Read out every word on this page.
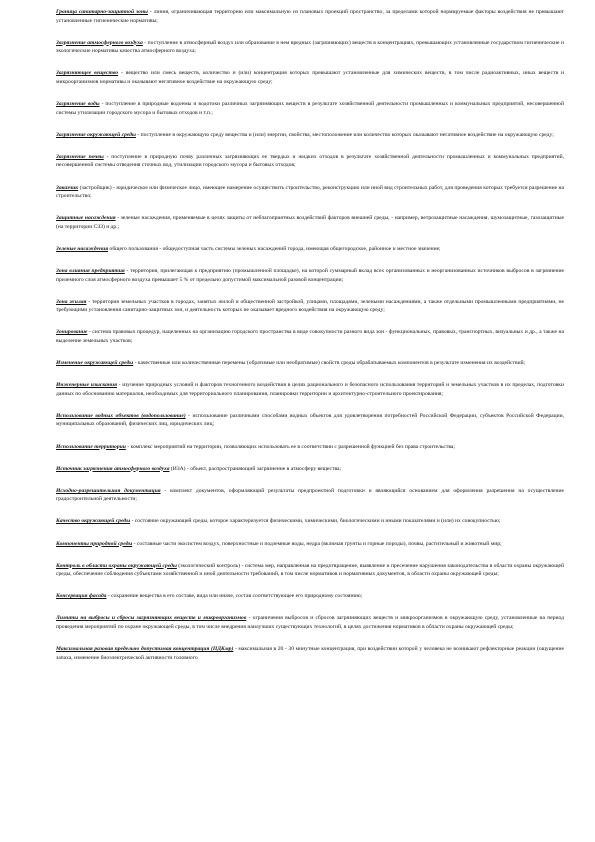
Граница санитарно-защитной зоны - линия, ограничивающая территорию или максимальную из плановых проекций пространство, за пределами которой нормируемые факторы воздействия не превышают установленные гигиенические нормативы;

Загрязнение атмосферного воздуха - поступление в атмосферный воздух или образование в нем вредных (загрязняющих) веществ в концентрациях, превышающих установленные государством гигиенические и экологические нормативы качества атмосферного воздуха;

Загрязняющее вещество - вещество или смесь веществ, количество и (или) концентрация которых превышают установленные для химических веществ, в том числе радиоактивных, иных веществ и микроорганизмов нормативы и оказывают негативное воздействие на окружающую среду;

Загрязнение воды - поступление в природные водоемы и водотоки различных загрязняющих веществ в результате хозяйственной деятельности промышленных и коммунальных предприятий, несовершенной системы утилизации городского мусора и бытовых отходов и т.п.;

Загрязнение окружающей среды - поступление в окружающую среду вещества и (или) энергии, свойства, местоположение или количество которых оказывают негативное воздействие на окружающую среду;

Загрязнение почвы - поступление в природную почву различных загрязняющих ее твердых и жидких отходов в результате хозяйственной деятельности промышленных и коммунальных предприятий, несовершенной системы отведения сточных вод, утилизации городского мусора и бытовых отходов;

Заказчик (застройщик) - юридическое или физическое лицо, имеющее намерение осуществить строительство, реконструкцию или иной вид строительных работ, для проведения которых требуется разрешение на строительство;

Защитные насаждения - зеленые насаждения, применяемые в целях защиты от неблагоприятных воздействий факторов внешней среды, - например, ветрозащитные насаждения, шумозащитные, газозащитные (на территории СЗЗ) и др.;

Зеленые насаждения общего пользования - общедоступная часть системы зеленых насаждений города, имеющая общегородское, районное и местное значение;

Зона влияния предприятия - территория, прилегающая к предприятию (промышленной площадке), на которой суммарный вклад всех организованных и неорганизованных источников выбросов в загрязнение приземного слоя атмосферного воздуха превышает 5 % от предельно допустимой максимальной разовой концентрации;

Зона жилая - территория земельных участков в городах, занятых жилой и общественной застройкой, улицами, площадями, зелеными насаждениями, а также отдельными промышленными предприятиями, не требующими установления санитарно-защитных зон, и деятельность которых не оказывает вредного воздействия на окружающую среду;

Зонирование - система правовых процедур, нацеленных на организацию городского пространства в виде совокупности разного вида зон - функциональных, правовых, транспортных, визуальных и др., а также на выделение земельных участков;

Изменение окружающей среды - качественные или количественные перемены (обратимые или необратимые) свойств среды обрабатываемых компонентов в результате изменения их воздействий;

Инженерные изыскания - изучение природных условий и факторов техногенного воздействия в целях рационального и безопасного использования территорий и земельных участков в их пределах, подготовки данных по обоснованию материалов, необходимых для территориального планирования, планировки территории и архитектурно-строительного проектирования;

Использование водных объектов (водопользование) - использование различными способами водных объектов для удовлетворения потребностей Российской Федерации, субъектов Российской Федерации, муниципальных образований, физических лиц, юридических лиц;

Использование территории - комплекс мероприятий на территории, позволяющих использовать ее в соответствии с разрешенной функцией без права строительства;

Источник загрязнения атмосферного воздуха (ИЗА) - объект, распространяющий загрязнение в атмосферу вещества;

Исходно-разрешительная документация - комплект документов, оформляющий результаты предпроектной подготовки и являющийся основанием для оформления разрешения на осуществление градостроительной деятельности;

Качество окружающей среды - состояние окружающей среды, которое характеризуется физическими, химическими, биологическими и иными показателями и (или) их совокупностью;

Компоненты природной среды - составные части экосистем воздух, поверхностные и подземные воды, недра (включая грунты и горные породы), почвы, растительный и животный мир;

Контроль в области охраны окружающей среды (экологический контроль) - система мер, направленная на предотвращение, выявление и пресечение нарушения законодательства в области охраны окружающей среды, обеспечение соблюдения субъектами хозяйственной и иной деятельности требований, в том числе нормативов и нормативных документов, в области охраны окружающей среды;

Консервация фасада - сохранение вещества в его составе, вида или иначе, состав соответствующее его природному состоянию;

Лимиты на выбросы и сбросы загрязняющих веществ и микроорганизмов - ограничения выбросов и сбросов загрязняющих веществ и микроорганизмов в окружающую среду, установленные на период проведения мероприятий по охране окружающей среды, в том числе внедрения наилучших существующих технологий, в целях достижения нормативов в области охраны окружающей среды;

Максимальная разовая предельно допустимая концентрация (ПДКмр) - максимальная в 20 - 30 минутные концентрация, при воздействии которой у человека не возникают рефлекторные реакции (ощущение запаха, изменение биоэлектрической активности головного
